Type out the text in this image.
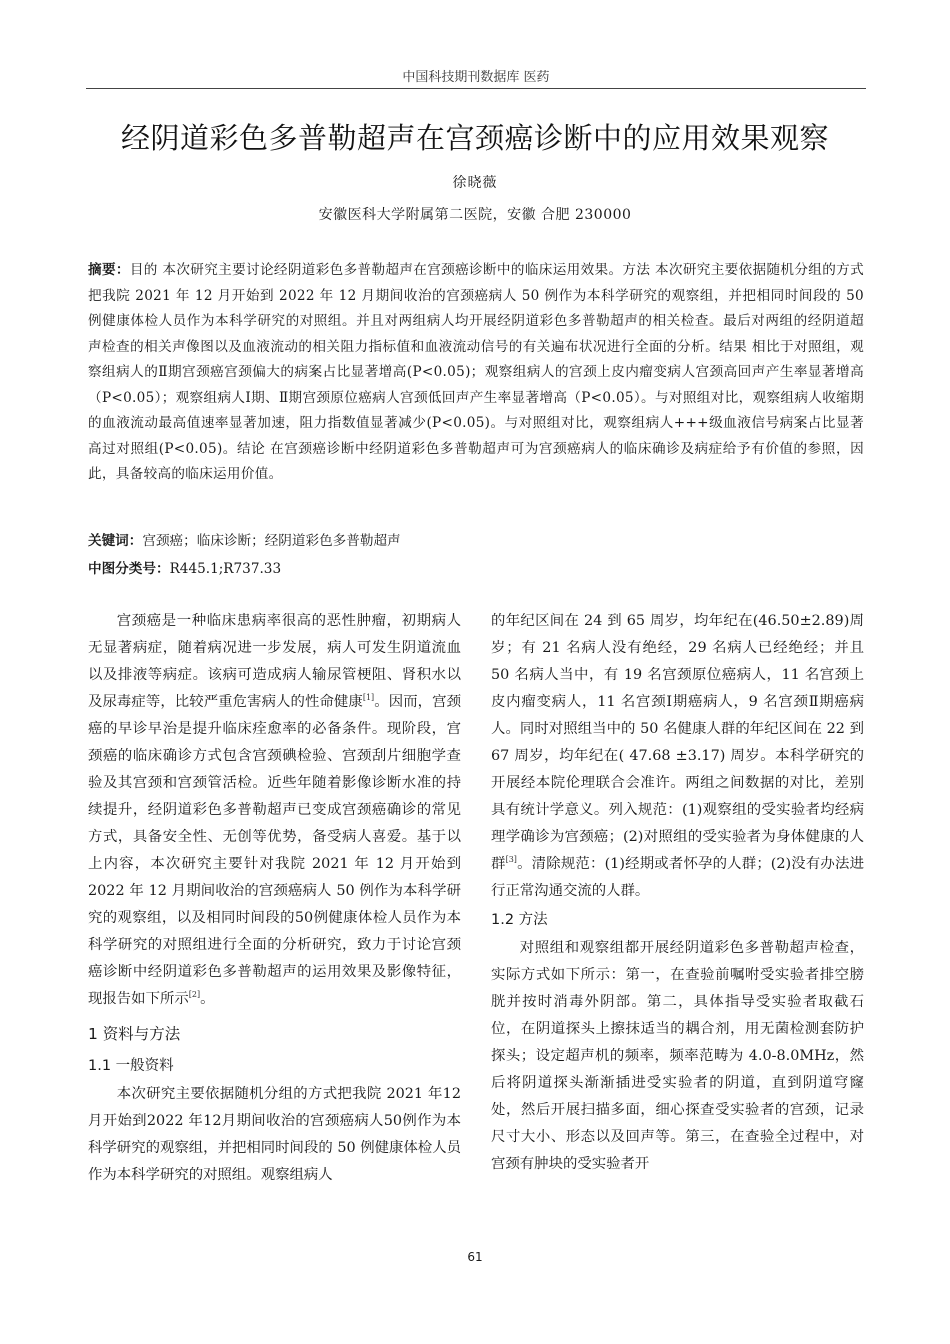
中国科技期刊数据库 医药
经阴道彩色多普勒超声在宫颈癌诊断中的应用效果观察
徐晓薇
安徽医科大学附属第二医院，安徽 合肥 230000
摘要：目的 本次研究主要讨论经阴道彩色多普勒超声在宫颈癌诊断中的临床运用效果。方法 本次研究主要依据随机分组的方式把我院 2021 年 12 月开始到 2022 年 12 月期间收治的宫颈癌病人 50 例作为本科学研究的观察组，并把相同时间段的 50 例健康体检人员作为本科学研究的对照组。并且对两组病人均开展经阴道彩色多普勒超声的相关检查。最后对两组的经阴道超声检查的相关声像图以及血液流动的相关阻力指标值和血液流动信号的有关遍布状况进行全面的分析。结果 相比于对照组，观察组病人的Ⅱ期宫颈癌宫颈偏大的病案占比显著增高(P<0.05)；观察组病人的宫颈上皮内瘤变病人宫颈高回声产生率显著增高（P<0.05）；观察组病人Ⅰ期、Ⅱ期宫颈原位癌病人宫颈低回声产生率显著增高（P<0.05）。与对照组对比，观察组病人收缩期的血液流动最高值速率显著加速，阻力指数值显著减少(P<0.05)。与对照组对比，观察组病人+++级血液信号病案占比显著高过对照组(P<0.05)。结论 在宫颈癌诊断中经阴道彩色多普勒超声可为宫颈癌病人的临床确诊及病症给予有价值的参照，因此，具备较高的临床运用价值。
关键词：宫颈癌；临床诊断；经阴道彩色多普勒超声
中图分类号：R445.1;R737.33

宫颈癌是一种临床患病率很高的恶性肿瘤，初期病人无显著病症，随着病况进一步发展，病人可发生阴道流血以及排液等病症。该病可造成病人输尿管梗阻、肾积水以及尿毒症等，比较严重危害病人的性命健康[1]。因而，宫颈癌的早诊早治是提升临床痊愈率的必备条件。现阶段，宫颈癌的临床确诊方式包含宫颈碘检验、宫颈刮片细胞学查验及其宫颈和宫颈管活检。近些年随着影像诊断水准的持续提升，经阴道彩色多普勒超声已变成宫颈癌确诊的常见方式，具备安全性、无创等优势，备受病人喜爱。基于以上内容，本次研究主要针对我院 2021 年 12 月开始到 2022 年 12 月期间收治的宫颈癌病人 50 例作为本科学研究的观察组，以及相同时间段的50例健康体检人员作为本科学研究的对照组进行全面的分析研究，致力于讨论宫颈癌诊断中经阴道彩色多普勒超声的运用效果及影像特征，现报告如下所示[2]。

1 资料与方法
1.1 一般资料

本次研究主要依据随机分组的方式把我院 2021 年12月开始到2022 年12月期间收治的宫颈癌病人50例作为本科学研究的观察组，并把相同时间段的 50 例健康体检人员作为本科学研究的对照组。观察组病人

的年纪区间在 24 到 65 周岁，均年纪在(46.50±2.89)周岁；有 21 名病人没有绝经，29 名病人已经绝经；并且 50 名病人当中，有 19 名宫颈原位癌病人，11 名宫颈上皮内瘤变病人，11 名宫颈Ⅰ期癌病人，9 名宫颈Ⅱ期癌病人。同时对照组当中的 50 名健康人群的年纪区间在 22 到 67 周岁，均年纪在( 47.68 ±3.17) 周岁。本科学研究的开展经本院伦理联合会准许。两组之间数据的对比，差别具有统计学意义。列入规范：(1)观察组的受实验者均经病理学确诊为宫颈癌；(2)对照组的受实验者为身体健康的人群[3]。清除规范：(1)经期或者怀孕的人群；(2)没有办法进行正常沟通交流的人群。

1.2 方法

对照组和观察组都开展经阴道彩色多普勒超声检查，实际方式如下所示：第一，在查验前嘱咐受实验者排空膀胱并按时消毒外阴部。第二，具体指导受实验者取截石位，在阴道探头上擦抹适当的耦合剂，用无菌检测套防护探头；设定超声机的频率，频率范畴为 4.0-8.0MHz，然后将阴道探头渐渐插进受实验者的阴道，直到阴道穹窿处，然后开展扫描多面，细心探查受实验者的宫颈，记录尺寸大小、形态以及回声等。第三，在查验全过程中，对宫颈有肿块的受实验者开

61
